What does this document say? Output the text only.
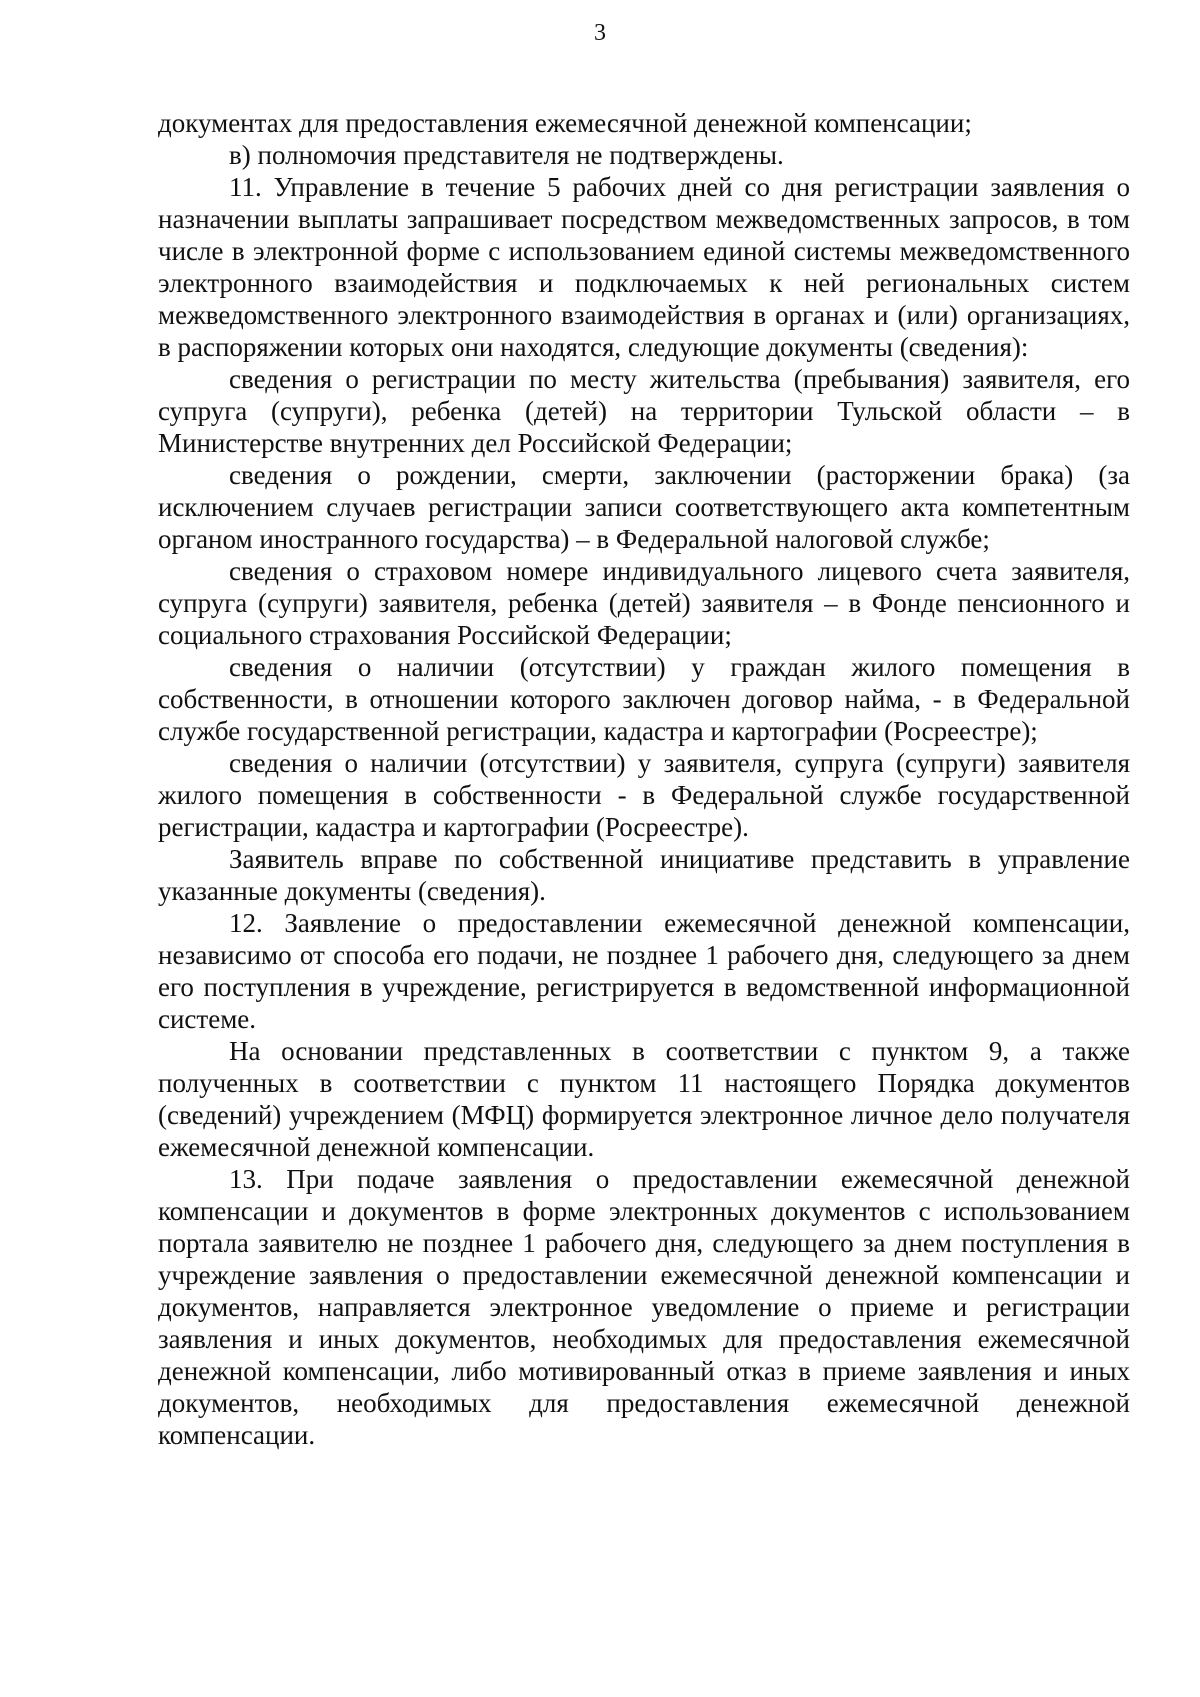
3

документах для предоставления ежемесячной денежной компенсации;

в) полномочия представителя не подтверждены.

11. Управление в течение 5 рабочих дней со дня регистрации заявления о назначении выплаты запрашивает посредством межведомственных запросов, в том числе в электронной форме с использованием единой системы межведомственного электронного взаимодействия и подключаемых к ней региональных систем межведомственного электронного взаимодействия в органах и (или) организациях, в распоряжении которых они находятся, следующие документы (сведения):

сведения о регистрации по месту жительства (пребывания) заявителя, его супруга (супруги), ребенка (детей) на территории Тульской области – в Министерстве внутренних дел Российской Федерации;

сведения о рождении, смерти, заключении (расторжении брака) (за исключением случаев регистрации записи соответствующего акта компетентным органом иностранного государства) – в Федеральной налоговой службе;

сведения о страховом номере индивидуального лицевого счета заявителя, супруга (супруги) заявителя, ребенка (детей) заявителя – в Фонде пенсионного и социального страхования Российской Федерации;

сведения о наличии (отсутствии) у граждан жилого помещения в собственности, в отношении которого заключен договор найма, - в Федеральной службе государственной регистрации, кадастра и картографии (Росреестре);

сведения о наличии (отсутствии) у заявителя, супруга (супруги) заявителя жилого помещения в собственности - в Федеральной службе государственной регистрации, кадастра и картографии (Росреестре).

Заявитель вправе по собственной инициативе представить в управление указанные документы (сведения).

12. Заявление о предоставлении ежемесячной денежной компенсации, независимо от способа его подачи, не позднее 1 рабочего дня, следующего за днем его поступления в учреждение, регистрируется в ведомственной информационной системе.

На основании представленных в соответствии с пунктом 9, а также полученных в соответствии с пунктом 11 настоящего Порядка документов (сведений) учреждением (МФЦ) формируется электронное личное дело получателя ежемесячной денежной компенсации.

13. При подаче заявления о предоставлении ежемесячной денежной компенсации и документов в форме электронных документов с использованием портала заявителю не позднее 1 рабочего дня, следующего за днем поступления в учреждение заявления о предоставлении ежемесячной денежной компенсации и документов, направляется электронное уведомление о приеме и регистрации заявления и иных документов, необходимых для предоставления ежемесячной денежной компенсации, либо мотивированный отказ в приеме заявления и иных документов, необходимых для предоставления ежемесячной денежной компенсации.
